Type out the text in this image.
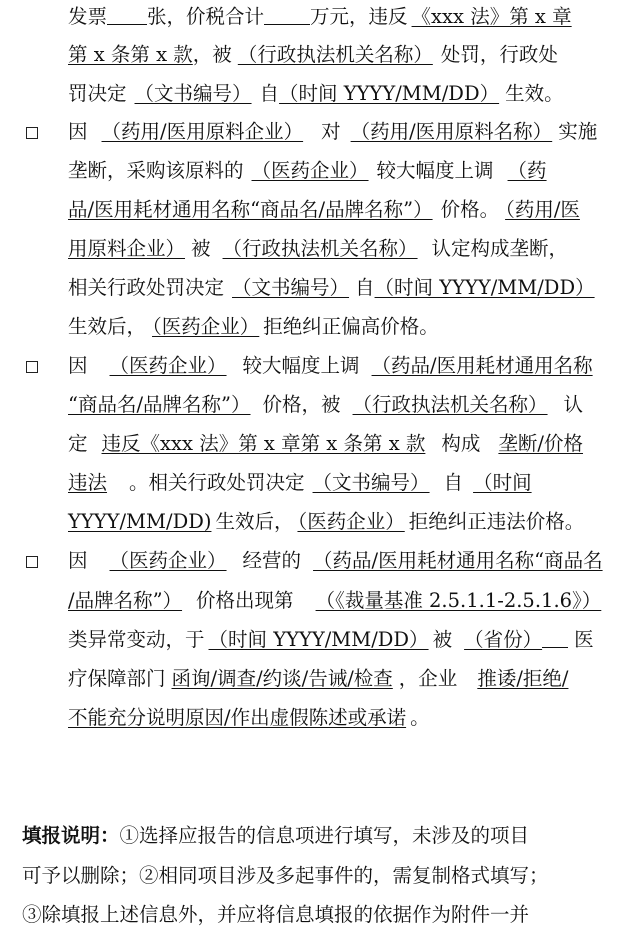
发票 张，价税合计 万元，违反 《xxx 法》第 x 章
第 x 条第 x 款，被 （行政执法机关名称） 处罚，行政处
罚决定 （文书编号） 自（时间 YYYY/MM/DD） 生效。
因 （药用/医用原料企业） 对 （药用/医用原料名称） 实施
垄断，采购该原料的 （医药企业） 较大幅度上调 （药
品/医用耗材通用名称“商品名/品牌名称”） 价格。 （药用/医
用原料企业） 被 （行政执法机关名称） 认定构成垄断，
相关行政处罚决定 （文书编号） 自（时间 YYYY/MM/DD）
生效后， （医药企业） 拒绝纠正偏高价格。
因 （医药企业） 较大幅度上调 （药品/医用耗材通用名称
“商品名/品牌名称”） 价格，被 （行政执法机关名称） 认
定 违反《xxx 法》第 x 章第 x 条第 x 款 构成 垄断/价格
违法 。相关行政处罚决定 （文书编号） 自 （时间
YYYY/MM/DD) 生效后， （医药企业） 拒绝纠正违法价格。
因 （医药企业） 经营的 （药品/医用耗材通用名称“商品名
/品牌名称”） 价格出现第 （《裁量基准 2.5.1.1-2.5.1.6》）
类异常变动，于 （时间 YYYY/MM/DD） 被 （省份） 医
疗保障部门 函询/调查/约谈/告诫/检查 ，企业 推诿/拒绝/
不能充分说明原因/作出虚假陈述或承诺 。
填报说明：①选择应报告的信息项进行填写，未涉及的项目
可予以删除；②相同项目涉及多起事件的，需复制格式填写；
③除填报上述信息外，并应将信息填报的依据作为附件一并
